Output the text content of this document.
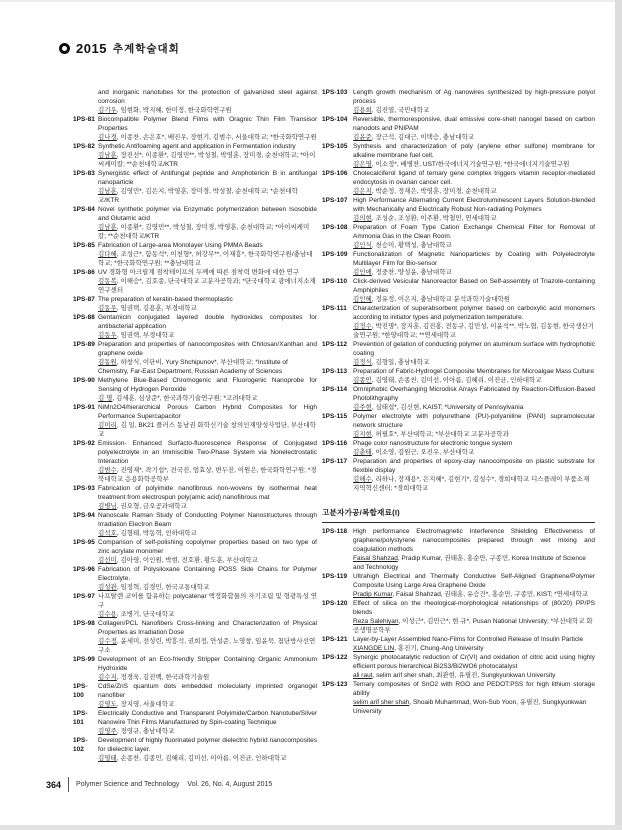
2015 추계학술대회
and inorganic nanotubes for the protection of galvanized steel against corrosion
김기우, 임현화, 박지혜, 한미정, 한국화학연구원
1PS-81 Biocompatible Polymer Blend Films with Oragnic Thin Film Transisor Properties
김나경, 이종찬, 손은호*, 배진우, 장현기, 김범수, 서울대학교; *한국화학연구원
1PS-82 Synthetic Antifoaming agent and application in Fermentation industry
김남훈, 장진선*, 이종환*, 김영민**, 박성철, 박영훈, 장미경, 순천대학교; *아이씨케미칼; **순천대학교/KTR
1PS-83 Synergistic effect of Antifungal peptide and Amphotericin B in antifungal nanoparticle
김남훈, 김영민*, 김은지, 박영훈, 장미경, 박성철, 순천대학교; *순천대학교/KTR
1PS-84 Novel synthetic polymer via Enzymatic polymerization between Isosobide and Glutamic acid
김남훈, 이종환*, 김영민**, 박성철, 장미경, 박영훈, 순천대학교; *아이씨케미칼; **순천대학교/KTR
1PS-85 Fabrication of Large-area Monolayer Using PMMA Beads
김다혜, 조성근*, 함동석*, 이천형*, 허강무**, 이재흥*, 한국화학연구원/충남대학교; *한국화학연구원; **충남대학교
1PS-86 UV 경화형 아크릴계 점착테이프의 두께에 따른 점착력 변화에 대한 연구
김동복, 이해승*, 김호종, 단국대학교 고분자공학과; *단국대학교 광에너지소재연구센터
1PS-87 The preparation of keratin-based thermoplastic
김동우, 임권택, 김용훈, 부경대학교
1PS-88 Gentamicin conjugated layered double hydroxides composites for antibacterial application
김동우, 임권택, 부경대학교
1PS-89 Preparation and properties of nanocomposites with Chitosan/Xanthan and graphene oxide
김동원, 하창식, 이단비, Yury Shchipunov*, 부산대학교; *Institute of Chemistry, Far-East Department, Russian Academy of Sciences
1PS-90 Methylene Blue-Based Chromogenic and Fluorogenic Nanoprobe for Sensing of Hydrogen Peroxide
김 명, 김세훈, 심상준*, 한국과학기술연구원; *고려대학교
1PS-91 NiMn2O4/hierarchical Porous Carbon Hybrid Composites for High Performance Supercapacitor
김미리, 김 일, BK21 플러스 동남권 화학신기술 창의인재양성사업단, 부산대학교
1PS-92 Emission- Enhanced Surfacto-fluorescence Response of Conjugated polyelectrolyte in an Immiscible Two-Phase System via Nonelectrostatic Interaction
김범수, 진영재*, 곽기섭*, 전국진, 엄효상, 변두진, 이원은, 한국화학연구원; *경북대학교 응용화학공학부
1PS-93 Fabrication of polyimide nanofibrous non-wovens by isothermal heat treatment from electrospun poly(amic acid) nanofibrous mat
김병님, 권오형, 금오공과대학교
1PS-94 Nanoscale Raman Study of Conducting Polymer Nanostructures through Irradiation Electron Beam
김석호, 김형태, 박동혁, 인하대학교
1PS-95 Comparison of self-polishing copolymer properties based on two type of zinc acrylate monomer
김선미, 김아영, 이인원, 박현, 전호환, 황도훈, 부산대학교
1PS-96 Fabrication of Polysiloxane Containing POSS Side Chains for Polymer Electrolyte.
김성관, 임정혁, 김경민, 한국교통대학교
1PS-97 나프탈렌 코어를 함유하는 polycatenar 액정화합물의 자기조립 및 형광특성 연구
김수용, 조병기, 단국대학교
1PS-98 Collagen/PCL Nanofibers Cross-linking and Characterization of Physical Properties as Irradiation Dose
김수정, 윤세미, 전성린, 박흥석, 권희정, 안성준, 노영창, 임윤묵, 첨단방사선연구소
1PS-99 Development of an Eco-friendly Stripper Containing Organic Ammonium Hydroxide
김수지, 정경욱, 김진백, 한국과학기술원
1PS-100
CdSe/ZnS quantum dots embedded molecularly imprinted organogel nanofiber
김영도, 장지영, 서울대학교
1PS-101
Electrically Conductive and Transparent Polyimide/Carbon Nanotube/Silver Nanowire Thin Films Manufactured by Spin-coating Technique
김영주, 정영규, 충남대학교
1PS-102
Development of highly fluorinated polymer dielectric hybrid nanocomposites for dielectric layer.
김영태, 손종찬, 김종민, 김혜리, 김미선, 이아름, 이진균, 인하대학교
1PS-103 Length growth mechanism of Ag nanowires synthesized by high-pressure polyol process
김용희, 김진열, 국민대학교
1PS-104 Reversible, thermoresponsive, dual emissive core-shell nanogel based on carbon nanodots and PNIPAM
김윤준, 장근석, 김대근, 이택승, 충남대학교
1PS-105 Synthesis and characterization of poly (arylene ether sulfone) membrane for alkaline membrane fuel cell.
김은영, 이소정*, 배병찬, UST/한국에너지기술연구원; *한국에너지기술연구원
1PS-106 Cholecalciferol ligand of ternary gene complex triggers vitamin receptor-mediated endocytosis in ovarian cancer cell.
김은지, 박순정, 정재은, 박영훈, 장미경, 순천대학교
1PS-107 High Performance Alternating Current Electroluminescent Layers Solution-blended with Mechanically and Electrically Robust Non-radiating Polymers
김의현, 조성순, 조성환, 이주환, 박철민, 연세대학교
1PS-108 Preparation of Foam Type Cation Exchange Chemical Filter for Removal of Ammonia Gas in the Clean Room.
김인식, 천승미, 황택성, 충남대학교
1PS-109 Functionalization of Magnetic Nanoparticles by Coating with Polyelectrolyte Multilayer Film for Bio-sensor
김인애, 정중찬, 양성윤, 충남대학교
1PS-110 Click-derived Vesicular Nanoreactor Based on Self-assembly of Triazole-containing Amphiphiles
김인혜, 정유정, 이은지, 충남대학교 분석과학기술대학원
1PS-111 Characterization of superabsorbent polymer based on carboxylic acid monomers according to initiator types and polymerization temperature.
김정수, 박진명*, 장지훈, 김진홍, 전동규, 김민성, 이윤석**, 박노협, 김동현, 한국생산기술연구원; *한양대학교; **연세대학교
1PS-112 Prevention of gelation of conducting polymer on aluminum surface with hydrophobic coating
김정식, 김형일, 충남대학교
1PS-113 Preparation of Fabric-Hydrogel Composite Membranes for Microalgae Mass Culture
김종민, 김영태, 손종찬, 김미선, 이아름, 김혜리, 이진균, 인하대학교
1PS-114 Omniphobic Overhanging Microdisk Arrays Fabricated by Reaction-Diffusion-Based Photolithgraphy
김주현, 심태섭*, 김신현, KAIST; *University of Pennsylvania
1PS-115 Polymer electrolyte with polyurethane (PU)-polyaniline (PANI) supramolecular network structure
김지현, 허필호*, 부산대학교; *부산대학교 고분자공학과
1PS-116 Phage color nanostructure for electronic tongue system
김춘태, 이소영, 김원근, 오진우, 부산대학교
1PS-117 Preparation and properties of epoxy-clay nanocomposite on plastic substrate for flexible display
김해수, 리하나, 장재용*, 은지혜*, 김현기*, 김성수*, 경희대학교 디스플레이 부품소재지역혁신센터; *경희대학교
고분자가공/복합재료(I)
1PS-118 High performance Electromagnetic Interference Shielding Effectiveness of graphene/polystyrene nanocomposites prepared through wet mixing and coagulation methods
Faisal Shahzad, Pradip Kumar, 권태훈, 홍순만, 구종민, Korea Institute of Science and Technology
1PS-119 Ultrahigh Electrical and Thermally Conductive Self-Aligned Graphene/Polymer Composite Using Large Area Graphene Oxide
Pradip Kumar, Faisal Shahzad, 권태훈, 유승건*, 홍순만, 구종민, KIST; *연세대학교
1PS-120 Effect of silica on the rheological-morphological relationships of (80/20) PP/PS blends
Reza Salehiyan, 이성근*, 김민근*, 현 규*, Pusan National University; *부산대학교 화공생명공학부
1PS-121 Layer-by-Layer Assembled Nano-Films for Controlled Release of Insulin Particle
XIANGDE LIN, 홍진기, Chung-Ang University
1PS-122 Synergic photocatalytic reduction of Cr(VI) and oxidation of citric acid using highly efficient porous hierarchical Bi2S3/Bi2WO6 photocatalyst
ali raut, selim arif sher shah, 최관현, 유필진, Sungkyunkwan University
1PS-123 Ternary composites of SnO2 with RGO and PEDOT:PSS for high lithium storage ability
selim arif sher shah, Shoaib Muhammad, Won-Sub Yoon, 유필진, Sungkyunkwan University
364 Polymer Science and Technology Vol. 26, No. 4, August 2015
